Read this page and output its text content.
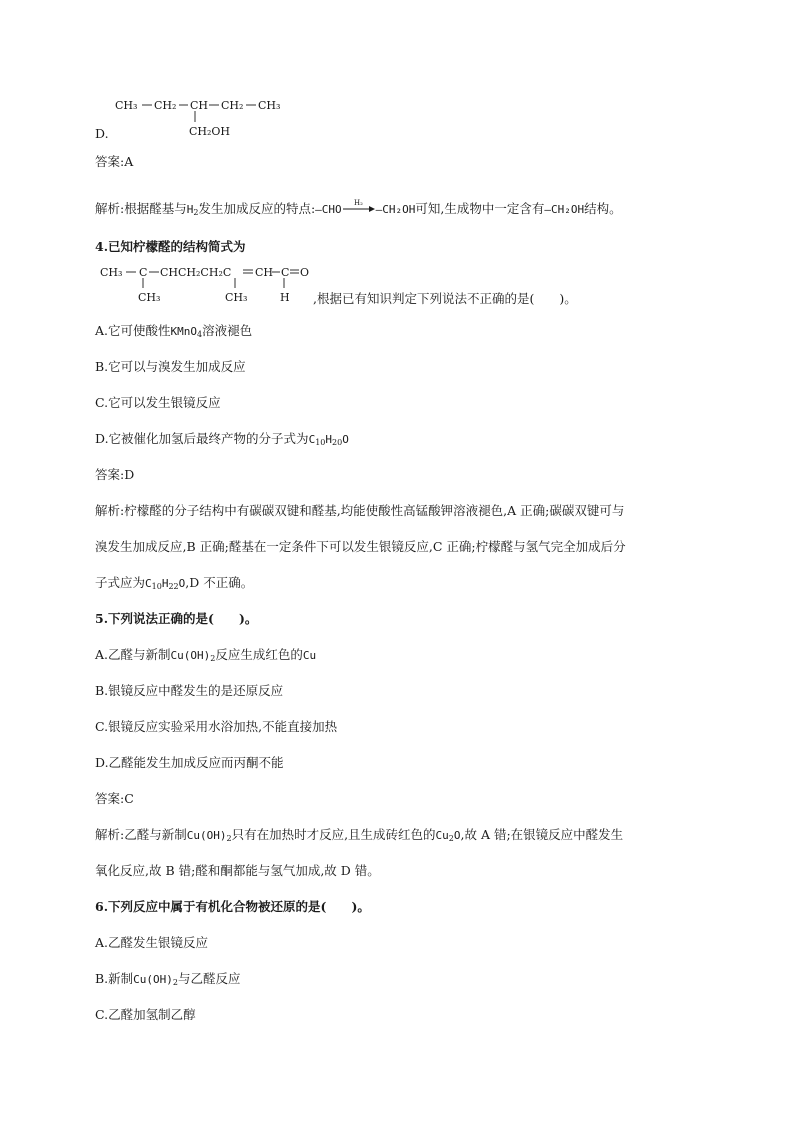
CH₃ CH₂ CH CH₂ CH₃
CH₂OH
D.
答案:A
解析:根据醛基与$H_2$发生加成反应的特点:—CHO
H₂
—CH₂OH可知,生成物中一定含有—CH₂OH结构。
4.已知柠檬醛的结构简式为
CH₃ C CHCH₂CH₂C CH C O
CH₃	CH₃	H ,根据已有知识判定下列说法不正确的是(　　)。
A.它可使酸性KMnO$_4$溶液褪色
B.它可以与溴发生加成反应
C.它可以发生银镜反应
D.它被催化加氢后最终产物的分子式为$C_{10}H_{20}O$
答案:D
解析:柠檬醛的分子结构中有碳碳双键和醛基,均能使酸性高锰酸钾溶液褪色,A 正确;碳碳双键可与
溴发生加成反应,B 正确;醛基在一定条件下可以发生银镜反应,C 正确;柠檬醛与氢气完全加成后分
子式应为$C_{10}H_{22}O,D$ 不正确。
5.下列说法正确的是(　　)。
A.乙醛与新制$Cu(OH)_2$反应生成红色的Cu
B.银镜反应中醛发生的是还原反应
C.银镜反应实验采用水浴加热,不能直接加热
D.乙醛能发生加成反应而丙酮不能
答案:C
解析:乙醛与新制$Cu(OH)_2$只有在加热时才反应,且生成砖红色的$Cu_2O$,故 A 错;在银镜反应中醛发生
氧化反应,故 B 错;醛和酮都能与氢气加成,故 D 错。
6.下列反应中属于有机化合物被还原的是(　　)。
A.乙醛发生银镜反应
B.新制$Cu(OH)_2$与乙醛反应
C.乙醛加氢制乙醇
